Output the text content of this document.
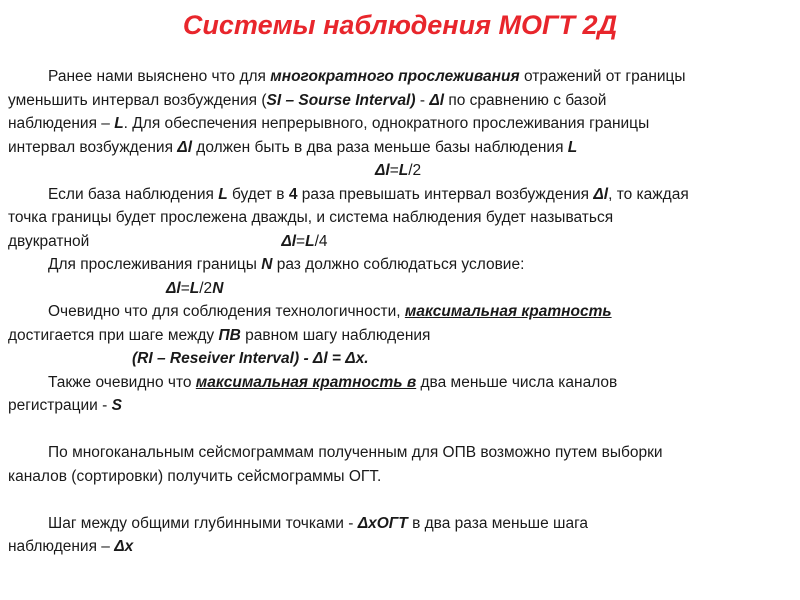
Системы наблюдения МОГТ 2Д

Ранее нами выяснено что для многократного прослеживания отражений от границы

уменьшить интервал возбуждения (SI – Sourse Interval) - Δl по сравнению с базой

наблюдения – L. Для обеспечения непрерывного, однократного прослеживания границы

интервал возбуждения Δl должен быть в два раза меньше базы наблюдения L

Δl=L/2

Если база наблюдения L будет в 4 раза превышать интервал возбуждения Δl, то каждая

точка границы будет прослежена дважды, и система наблюдения будет называться

двукратной	Δl=L/4

Для прослеживания границы N раз должно соблюдаться условие:

Δl=L/2N

Очевидно что для соблюдения технологичности, максимальная кратность

достигается при шаге между ПВ равном шагу наблюдения

(RI – Reseiver Interval) - Δl = Δx.

Также очевидно что максимальная кратность в два меньше числа каналов

регистрации - S

По многоканальным сейсмограммам полученным для ОПВ возможно путем выборки

каналов (сортировки) получить сейсмограммы ОГТ.

Шаг между общими глубинными точками - ΔхОГТ в два раза меньше шага

наблюдения – Δх
